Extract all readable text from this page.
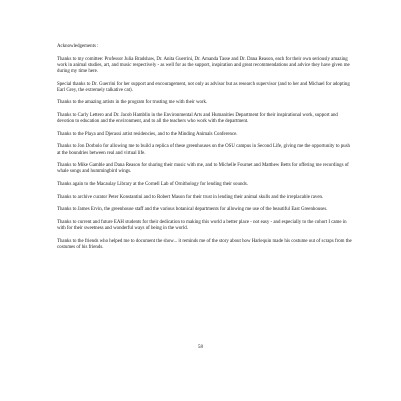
Acknowledgements :

Thanks to my comittee: Professor Julia Bradshaw, Dr. Anita Guerrini, Dr. Amanda Tasse and Dr. Dana Reason, each for their own seriously amazing work in animal studies, art, and music respectively - as well for as the support, inspiration and great recommendations and advice they have given me during my time here.

Special thanks to Dr. Guerrini for her support and encouragement, not only as advisor but as research supervisor (and to her and Michael for adopting Earl Grey, the extremely talkative cat).

Thanks to the amazing artists in the program for trusting me with their work.

Thanks to Carly Lettero and Dr. Jacob Hamblin in the Environmental Arts and Humanities Department for their inspirational work, support and devotion to education and the environment, and to all the teachers who work with the department.

Thanks to the Playa and Djerassi artist residencies, and to the Minding Animals Conference.

Thanks to Jon Dorbolo for allowing me to build a replica of these greenhouses on the OSU campus in Second Life, giving me the opportunity to push at the boundries between real and virtual life.

Thanks to Mike Gamble and Dana Reason for sharing their music with me, and to Michelle Fournet and Matthew Betts for offering me recordings of whale songs and hummingbird wings.

Thanks again to the Macaulay Library at the Cornell Lab of Ornithology for lending their sounds.

Thanks to archive curator Peter Konstantini and to Robert Mason for their trust in lending their animal skulls and the irreplacable raven.

Thanks to James Ervin, the greenhouse staff and the various botanical departments for allowing me use of the beautiful East Greenhouses.

Thanks to current and future EAH students for their dedication to making this world a better place - not easy - and especially to the cohort I came in with for their sweetness and wonderful ways of being in the world.

Thanks to the friends who helped me to document the show... it reminds me of the story about how Harlequin made his costume out of scraps from the costumes of his friends.

58
